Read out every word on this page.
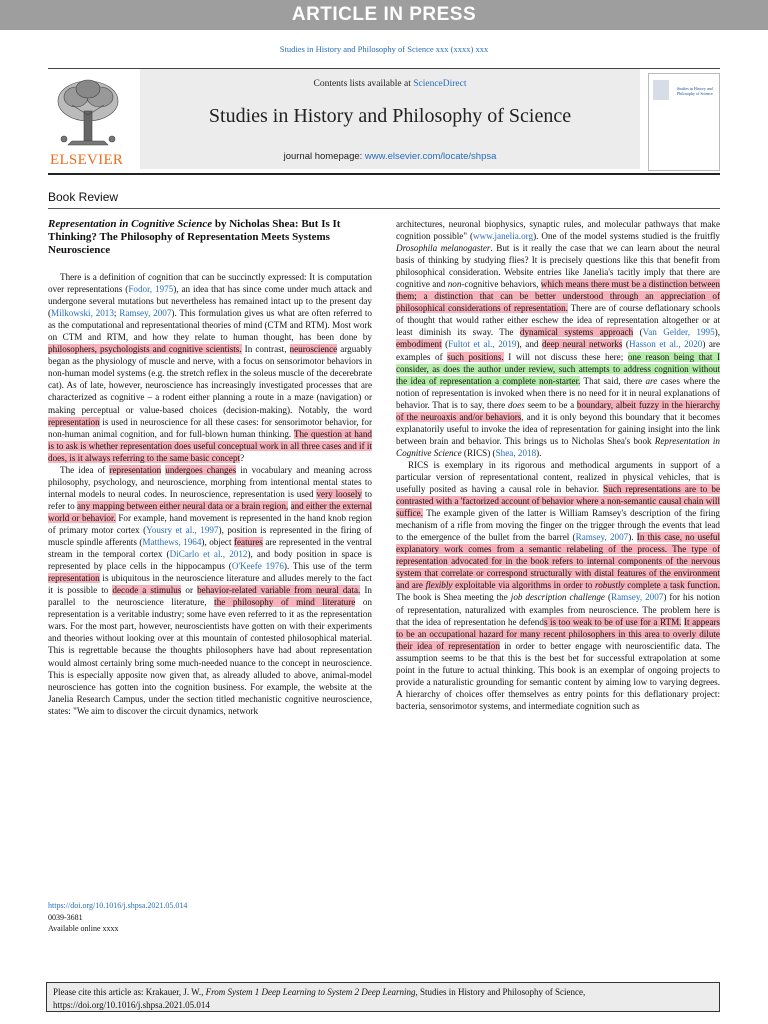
ARTICLE IN PRESS
Studies in History and Philosophy of Science xxx (xxxx) xxx
ELSEVIER
Contents lists available at ScienceDirect
Studies in History and Philosophy of Science
journal homepage: www.elsevier.com/locate/shpsa
Studies in History and Philosophy of Science
Book Review
Representation in Cognitive Science by Nicholas Shea: But Is It Thinking? The Philosophy of Representation Meets Systems Neuroscience

There is a definition of cognition that can be succinctly expressed: It is computation over representations (Fodor, 1975), an idea that has since come under much attack and undergone several mutations but nevertheless has remained intact up to the present day (Milkowski, 2013; Ramsey, 2007). This formulation gives us what are often referred to as the computational and representational theories of mind (CTM and RTM). Most work on CTM and RTM, and how they relate to human thought, has been done by philosophers, psychologists and cognitive scientists. In contrast, neuroscience arguably began as the physiology of muscle and nerve, with a focus on sensorimotor behaviors in non-human model systems (e.g. the stretch reflex in the soleus muscle of the decerebrate cat). As of late, however, neuroscience has increasingly investigated processes that are characterized as cognitive – a rodent either planning a route in a maze (navigation) or making perceptual or value-based choices (decision-making). Notably, the word representation is used in neuroscience for all these cases: for sensorimotor behavior, for non-human animal cognition, and for full-blown human thinking. The question at hand is to ask is whether representation does useful conceptual work in all three cases and if it does, is it always referring to the same basic concept?

The idea of representation undergoes changes in vocabulary and meaning across philosophy, psychology, and neuroscience, morphing from intentional mental states to internal models to neural codes. In neuroscience, representation is used very loosely to refer to any mapping between either neural data or a brain region, and either the external world or behavior. For example, hand movement is represented in the hand knob region of primary motor cortex (Yousry et al., 1997), position is represented in the firing of muscle spindle afferents (Matthews, 1964), object features are represented in the ventral stream in the temporal cortex (DiCarlo et al., 2012), and body position in space is represented by place cells in the hippocampus (O'Keefe 1976). This use of the term representation is ubiquitous in the neuroscience literature and alludes merely to the fact it is possible to decode a stimulus or behavior-related variable from neural data. In parallel to the neuroscience literature, the philosophy of mind literature on representation is a veritable industry; some have even referred to it as the representation wars. For the most part, however, neuroscientists have gotten on with their experiments and theories without looking over at this mountain of contested philosophical material. This is regrettable because the thoughts philosophers have had about representation would almost certainly bring some much-needed nuance to the concept in neuroscience. This is especially apposite now given that, as already alluded to above, animal-model neuroscience has gotten into the cognition business. For example, the website at the Janelia Research Campus, under the section titled mechanistic cognitive neuroscience, states: "We aim to discover the circuit dynamics, network

architectures, neuronal biophysics, synaptic rules, and molecular pathways that make cognition possible" (www.janelia.org). One of the model systems studied is the fruitfly Drosophila melanogaster. But is it really the case that we can learn about the neural basis of thinking by studying flies? It is precisely questions like this that benefit from philosophical consideration. Website entries like Janelia's tacitly imply that there are cognitive and non-cognitive behaviors, which means there must be a distinction between them; a distinction that can be better understood through an appreciation of philosophical considerations of representation. There are of course deflationary schools of thought that would rather either eschew the idea of representation altogether or at least diminish its sway. The dynamical systems approach (Van Gelder, 1995), embodiment (Fultot et al., 2019), and deep neural networks (Hasson et al., 2020) are examples of such positions. I will not discuss these here; one reason being that I consider, as does the author under review, such attempts to address cognition without the idea of representation a complete non-starter. That said, there are cases where the notion of representation is invoked when there is no need for it in neural explanations of behavior. That is to say, there does seem to be a boundary, albeit fuzzy in the hierarchy of the neuroaxis and/or behaviors, and it is only beyond this boundary that it becomes explanatorily useful to invoke the idea of representation for gaining insight into the link between brain and behavior. This brings us to Nicholas Shea's book Representation in Cognitive Science (RICS) (Shea, 2018).

RICS is exemplary in its rigorous and methodical arguments in support of a particular version of representational content, realized in physical vehicles, that is usefully posited as having a causal role in behavior. Such representations are to be contrasted with a 'factorized account of behavior where a non-semantic causal chain will suffice. The example given of the latter is William Ramsey's description of the firing mechanism of a rifle from moving the finger on the trigger through the events that lead to the emergence of the bullet from the barrel (Ramsey, 2007). In this case, no useful explanatory work comes from a semantic relabeling of the process. The type of representation advocated for in the book refers to internal components of the nervous system that correlate or correspond structurally with distal features of the environment and are flexibly exploitable via algorithms in order to robustly complete a task function. The book is Shea meeting the job description challenge (Ramsey, 2007) for his notion of representation, naturalized with examples from neuroscience. The problem here is that the idea of representation he defends is too weak to be of use for a RTM. It appears to be an occupational hazard for many recent philosophers in this area to overly dilute their idea of representation in order to better engage with neuroscientific data. The assumption seems to be that this is the best bet for successful extrapolation at some point in the future to actual thinking. This book is an exemplar of ongoing projects to provide a naturalistic grounding for semantic content by aiming low to varying degrees. A hierarchy of choices offer themselves as entry points for this deflationary project: bacteria, sensorimotor systems, and intermediate cognition such as

https://doi.org/10.1016/j.shpsa.2021.05.014
0039-3681
Available online xxxx
Please cite this article as: Krakauer, J. W., From System 1 Deep Learning to System 2 Deep Learning, Studies in History and Philosophy of Science, https://doi.org/10.1016/j.shpsa.2021.05.014
